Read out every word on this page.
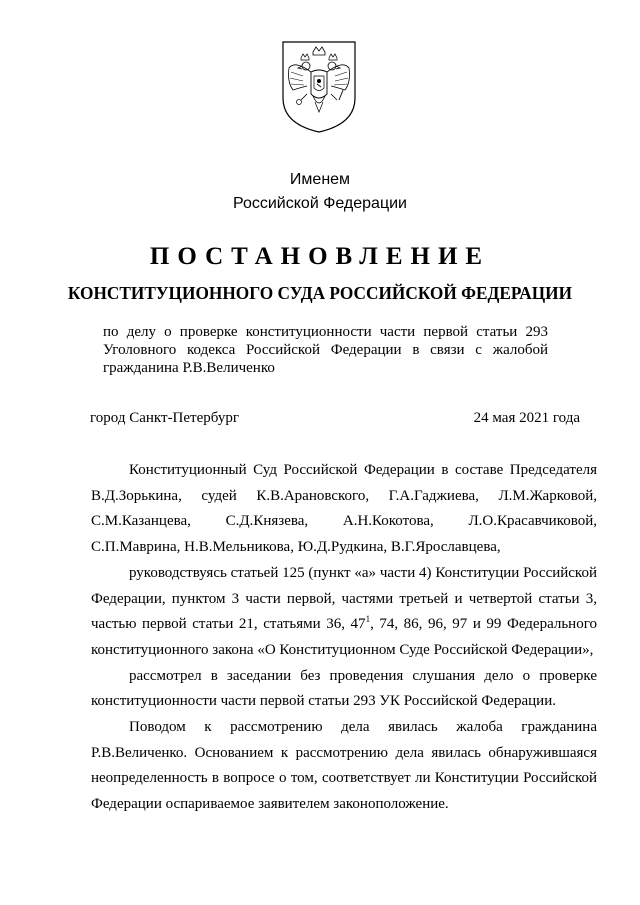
Именем
Российской Федерации
ПОСТАНОВЛЕНИЕ
КОНСТИТУЦИОННОГО СУДА РОССИЙСКОЙ ФЕДЕРАЦИИ
по делу о проверке конституционности части первой статьи 293 Уголовного кодекса Российской Федерации в связи с жалобой гражданина Р.В.Величенко
город Санкт-Петербург	24 мая 2021 года

Конституционный Суд Российской Федерации в составе Председателя В.Д.Зорькина, судей К.В.Арановского, Г.А.Гаджиева, Л.М.Жарковой, С.М.Казанцева, С.Д.Князева, А.Н.Кокотова, Л.О.Красавчиковой, С.П.Маврина, Н.В.Мельникова, Ю.Д.Рудкина, В.Г.Ярославцева,

руководствуясь статьей 125 (пункт «а» части 4) Конституции Российской Федерации, пунктом 3 части первой, частями третьей и четвертой статьи 3, частью первой статьи 21, статьями 36, $47^1$, 74, 86, 96, 97 и 99 Федерального конституционного закона «О Конституционном Суде Российской Федерации»,

рассмотрел в заседании без проведения слушания дело о проверке конституционности части первой статьи 293 УК Российской Федерации.

Поводом к рассмотрению дела явилась жалоба гражданина Р.В.Величенко. Основанием к рассмотрению дела явилась обнаружившаяся неопределенность в вопросе о том, соответствует ли Конституции Российской Федерации оспариваемое заявителем законоположение.
